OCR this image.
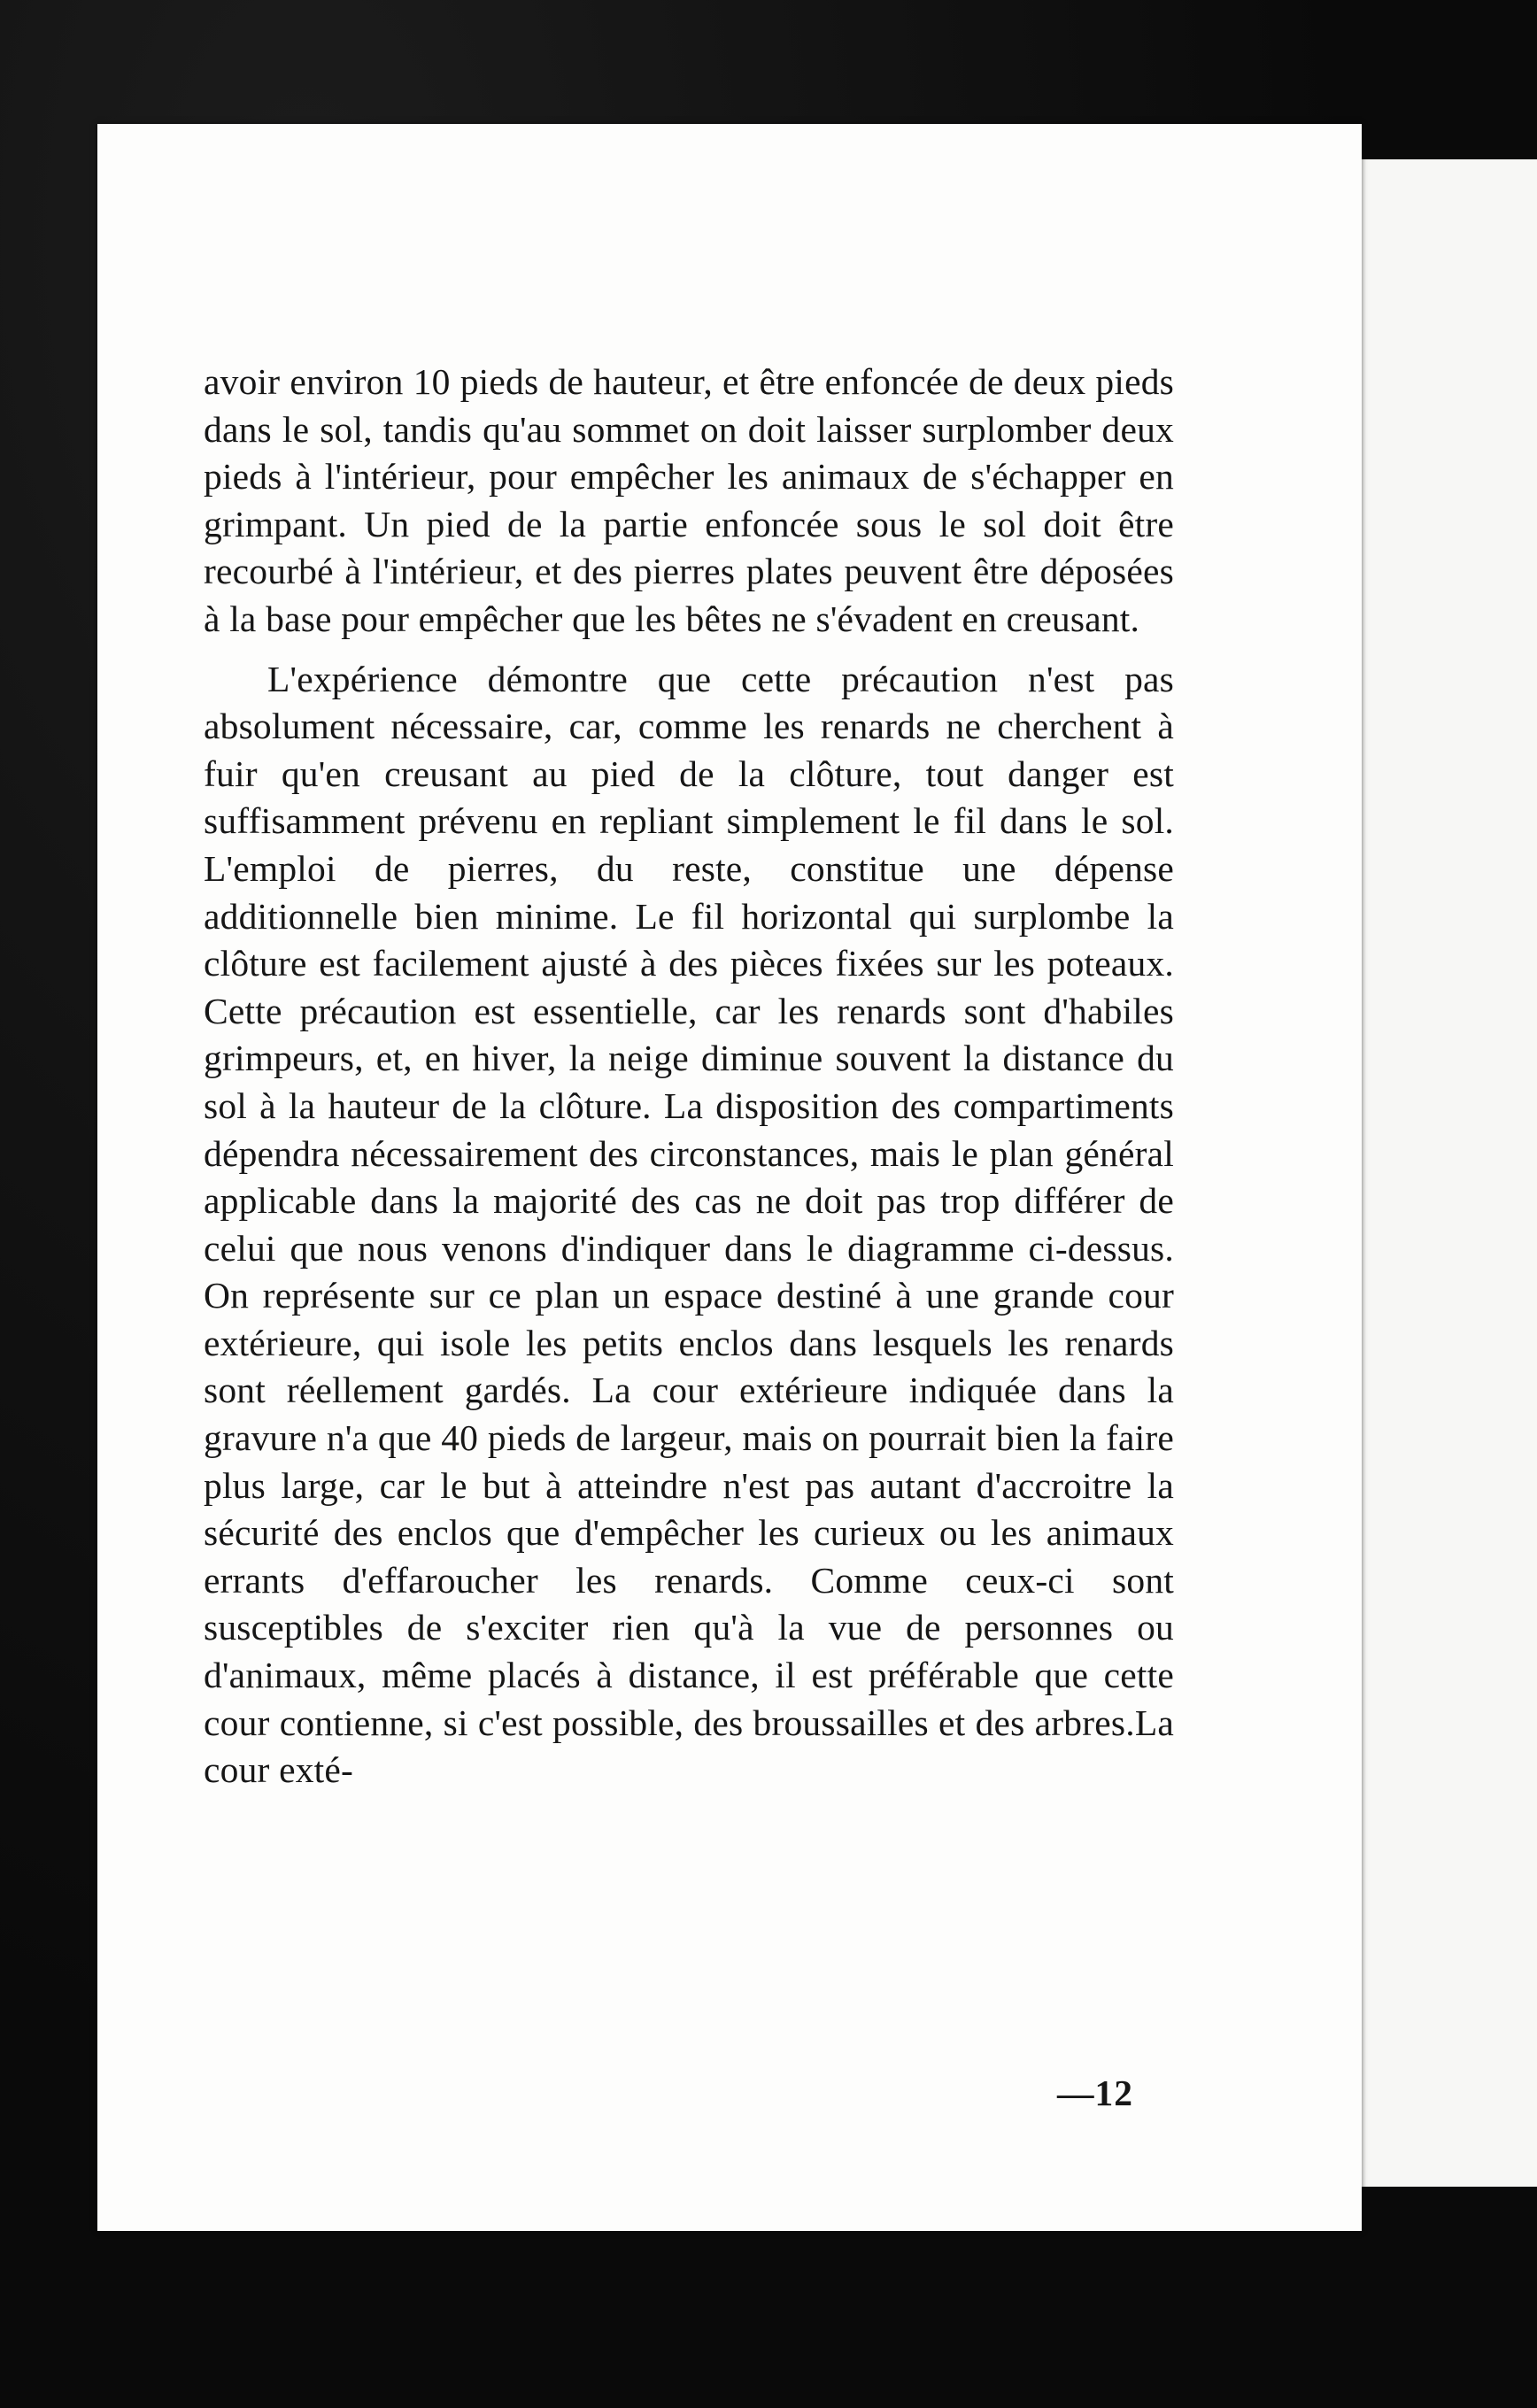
avoir environ 10 pieds de hauteur, et être enfoncée de deux pieds dans le sol, tandis qu'au sommet on doit laisser surplomber deux pieds à l'intérieur, pour empêcher les animaux de s'échapper en grimpant. Un pied de la partie enfoncée sous le sol doit être recourbé à l'intérieur, et des pierres plates peuvent être déposées à la base pour empêcher que les bêtes ne s'évadent en creusant.

L'expérience démontre que cette précaution n'est pas absolument nécessaire, car, comme les renards ne cherchent à fuir qu'en creusant au pied de la clôture, tout danger est suffisamment prévenu en repliant simplement le fil dans le sol. L'emploi de pierres, du reste, constitue une dépense additionnelle bien minime. Le fil horizontal qui surplombe la clôture est facilement ajusté à des pièces fixées sur les poteaux. Cette précaution est essentielle, car les renards sont d'habiles grimpeurs, et, en hiver, la neige diminue souvent la distance du sol à la hauteur de la clôture. La disposition des compartiments dépendra nécessairement des circonstances, mais le plan général applicable dans la majorité des cas ne doit pas trop différer de celui que nous venons d'indiquer dans le diagramme ci-dessus. On représente sur ce plan un espace destiné à une grande cour extérieure, qui isole les petits enclos dans lesquels les renards sont réellement gardés. La cour extérieure indiquée dans la gravure n'a que 40 pieds de largeur, mais on pourrait bien la faire plus large, car le but à atteindre n'est pas autant d'accroitre la sécurité des enclos que d'empêcher les curieux ou les animaux errants d'effaroucher les renards. Comme ceux-ci sont susceptibles de s'exciter rien qu'à la vue de personnes ou d'animaux, même placés à distance, il est préférable que cette cour contienne, si c'est possible, des broussailles et des arbres.La cour exté-

—12
